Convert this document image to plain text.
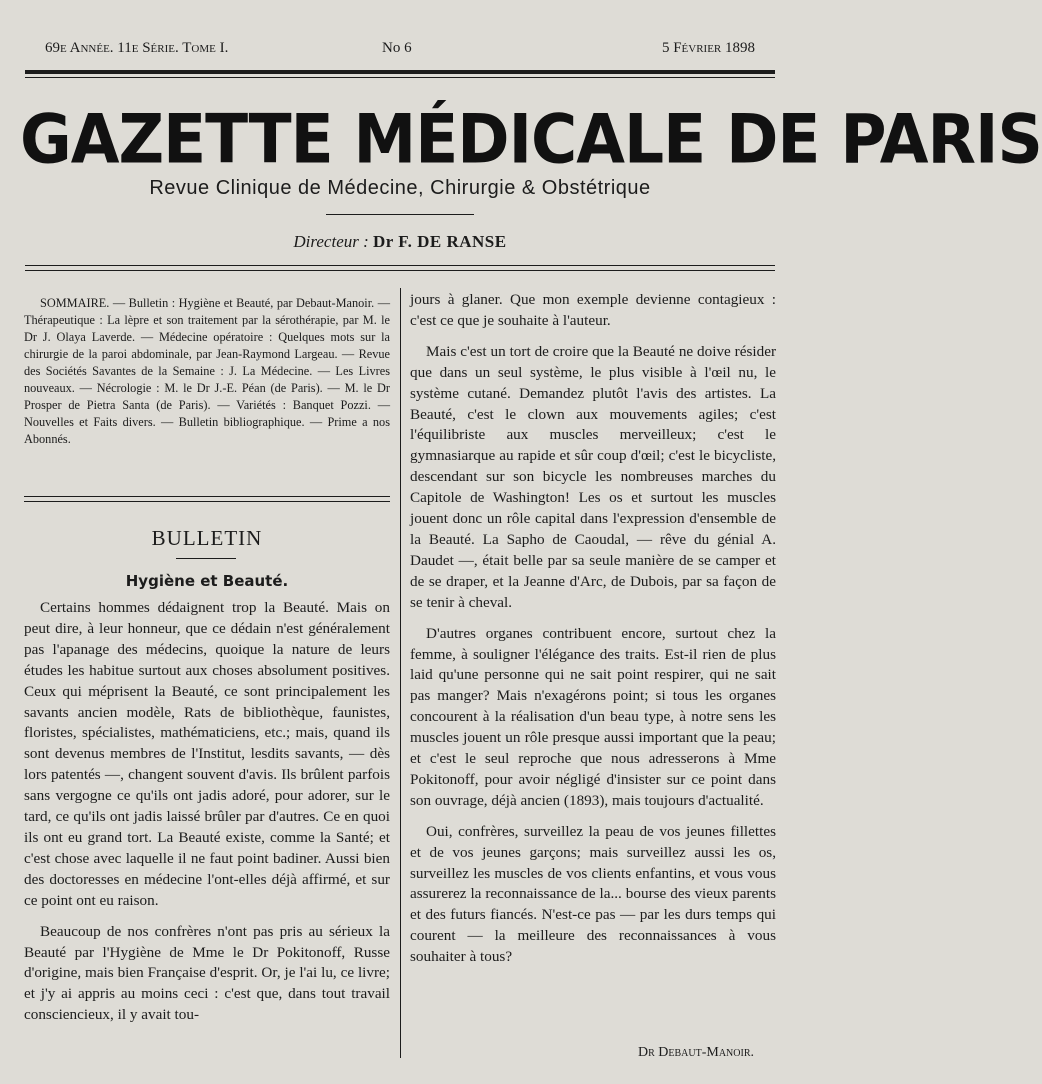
69e Année. 11e Série. Tome I.	No 6	5 Février 1898
GAZETTE MÉDICALE DE PARIS
Revue Clinique de Médecine, Chirurgie & Obstétrique
Directeur : Dr F. DE RANSE

SOMMAIRE. — Bulletin : Hygiène et Beauté, par Debaut-Manoir. — Thérapeutique : La lèpre et son traitement par la sérothérapie, par M. le Dr J. Olaya Laverde. — Médecine opératoire : Quelques mots sur la chirurgie de la paroi abdominale, par Jean-Raymond Largeau. — Revue des Sociétés Savantes de la Semaine : J. La Médecine. — Les Livres nouveaux. — Nécrologie : M. le Dr J.-E. Péan (de Paris). — M. le Dr Prosper de Pietra Santa (de Paris). — Variétés : Banquet Pozzi. — Nouvelles et Faits divers. — Bulletin bibliographique. — Prime a nos Abonnés.

BULLETIN
Hygiène et Beauté.

Certains hommes dédaignent trop la Beauté. Mais on peut dire, à leur honneur, que ce dédain n'est généralement pas l'apanage des médecins, quoique la nature de leurs études les habitue surtout aux choses absolument positives. Ceux qui méprisent la Beauté, ce sont principalement les savants ancien modèle, Rats de bibliothèque, faunistes, floristes, spécialistes, mathématiciens, etc.; mais, quand ils sont devenus membres de l'Institut, lesdits savants, — dès lors patentés —, changent souvent d'avis. Ils brûlent parfois sans vergogne ce qu'ils ont jadis adoré, pour adorer, sur le tard, ce qu'ils ont jadis laissé brûler par d'autres. Ce en quoi ils ont eu grand tort. La Beauté existe, comme la Santé; et c'est chose avec laquelle il ne faut point badiner. Aussi bien des doctoresses en médecine l'ont-elles déjà affirmé, et sur ce point ont eu raison.

Beaucoup de nos confrères n'ont pas pris au sérieux la Beauté par l'Hygiène de Mme le Dr Pokitonoff, Russe d'origine, mais bien Française d'esprit. Or, je l'ai lu, ce livre; et j'y ai appris au moins ceci : c'est que, dans tout travail consciencieux, il y avait tou-

jours à glaner. Que mon exemple devienne contagieux : c'est ce que je souhaite à l'auteur.

Mais c'est un tort de croire que la Beauté ne doive résider que dans un seul système, le plus visible à l'œil nu, le système cutané. Demandez plutôt l'avis des artistes. La Beauté, c'est le clown aux mouvements agiles; c'est l'équilibriste aux muscles merveilleux; c'est le gymnasiarque au rapide et sûr coup d'œil; c'est le bicycliste, descendant sur son bicycle les nombreuses marches du Capitole de Washington! Les os et surtout les muscles jouent donc un rôle capital dans l'expression d'ensemble de la Beauté. La Sapho de Caoudal, — rêve du génial A. Daudet —, était belle par sa seule manière de se camper et de se draper, et la Jeanne d'Arc, de Dubois, par sa façon de se tenir à cheval.

D'autres organes contribuent encore, surtout chez la femme, à souligner l'élégance des traits. Est-il rien de plus laid qu'une personne qui ne sait point respirer, qui ne sait pas manger? Mais n'exagérons point; si tous les organes concourent à la réalisation d'un beau type, à notre sens les muscles jouent un rôle presque aussi important que la peau; et c'est le seul reproche que nous adresserons à Mme Pokitonoff, pour avoir négligé d'insister sur ce point dans son ouvrage, déjà ancien (1893), mais toujours d'actualité.

Oui, confrères, surveillez la peau de vos jeunes fillettes et de vos jeunes garçons; mais surveillez aussi les os, surveillez les muscles de vos clients enfantins, et vous vous assurerez la reconnaissance de la... bourse des vieux parents et des futurs fiancés. N'est-ce pas — par les durs temps qui courent — la meilleure des reconnaissances à vous souhaiter à tous?

Dr Debaut-Manoir.
